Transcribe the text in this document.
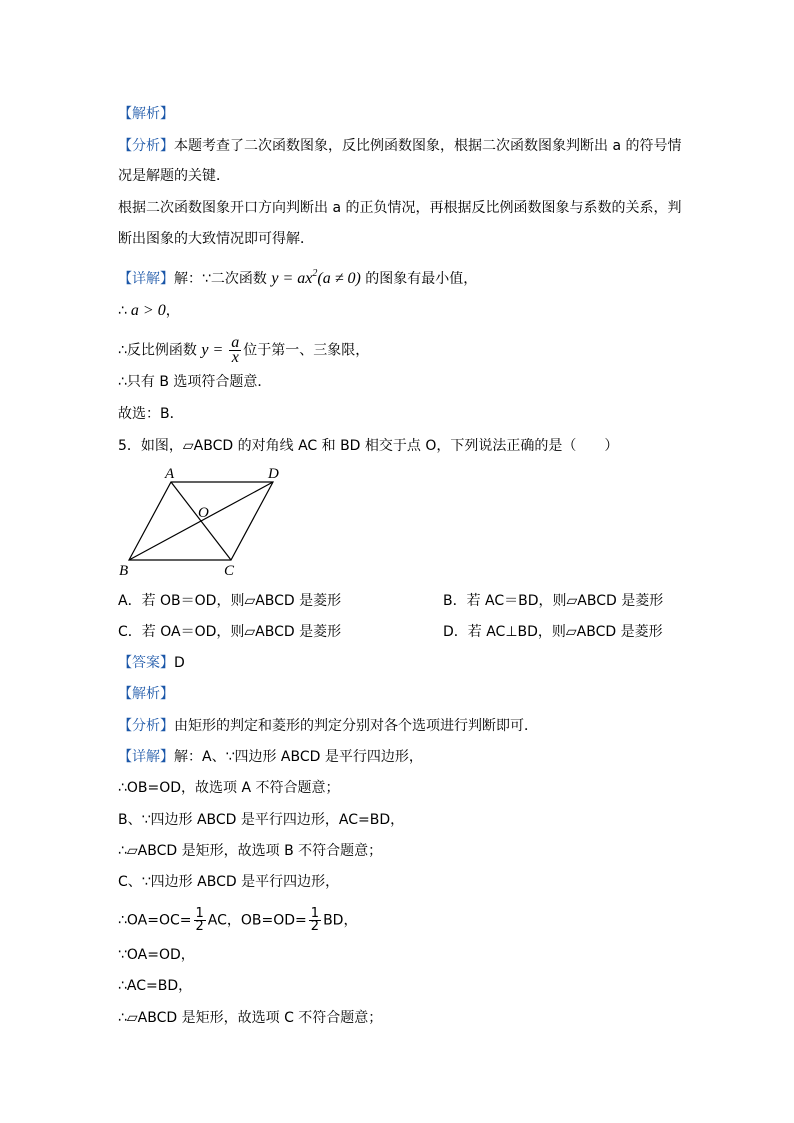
【解析】
【分析】本题考查了二次函数图象，反比例函数图象，根据二次函数图象判断出 a 的符号情
况是解题的关键．
根据二次函数图象开口方向判断出 a 的正负情况，再根据反比例函数图象与系数的关系，判
断出图象的大致情况即可得解．
【详解】解：∵二次函数 $y = ax^2(a \ne 0)$ 的图象有最小值，
∴ a > 0，
∴反比例函数 $y = \frac{a}{x}$ 位于第一、三象限，
∴只有 B 选项符合题意．
故选：B．
5．如图，▱ABCD 的对角线 AC 和 BD 相交于点 O，下列说法正确的是（　　）
A	D
O
B	C
A．若 OB＝OD，则▱ABCD 是菱形	B．若 AC＝BD，则▱ABCD 是菱形
C．若 OA＝OD，则▱ABCD 是菱形	D．若 AC⊥BD，则▱ABCD 是菱形
【答案】D
【解析】
【分析】由矩形的判定和菱形的判定分别对各个选项进行判断即可．
【详解】解：A、∵四边形 ABCD 是平行四边形，
∴OB=OD，故选项 A 不符合题意；
B、∵四边形 ABCD 是平行四边形，AC=BD，
∴▱ABCD 是矩形，故选项 B 不符合题意；
C、∵四边形 ABCD 是平行四边形，
∴OA=OC= $\frac{1}{2}$ AC，$OB=OD= \frac{1}{2}$ BD，
∵OA=OD，
∴AC=BD，
∴▱ABCD 是矩形，故选项 C 不符合题意；
